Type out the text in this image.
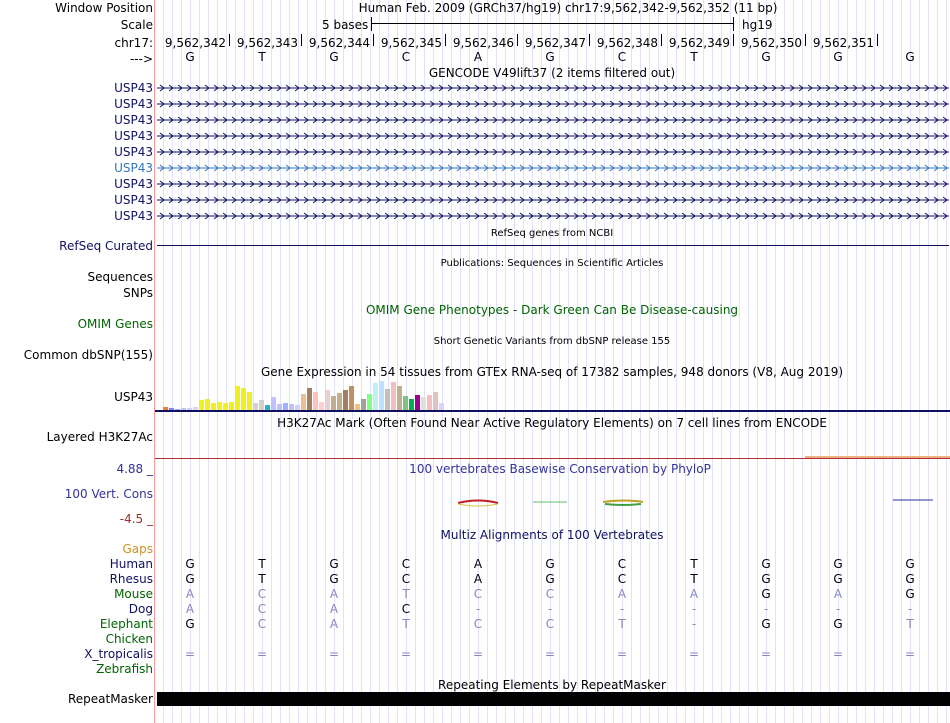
Window Position
Scale
chr17:
--->
Human Feb. 2009 (GRCh37/hg19) chr17:9,562,342-9,562,352 (11 bp)
5 bases	hg19
9,562,342 9,562,343 9,562,344 9,562,345 9,562,346 9,562,347 9,562,348 9,562,349 9,562,350 9,562,351
G	T	G	C	A	G	C	T	G	G	G
GENCODE V49lift37 (2 items filtered out)
USP43
USP43
USP43
USP43
USP43
USP43
USP43
USP43
USP43
RefSeq Curated
RefSeq genes from NCBI
Sequences
SNPs
Publications: Sequences in Scientific Articles
OMIM Genes
OMIM Gene Phenotypes - Dark Green Can Be Disease-causing
Common dbSNP(155)
Short Genetic Variants from dbSNP release 155
Gene Expression in 54 tissues from GTEx RNA-seq of 17382 samples, 948 donors (V8, Aug 2019)
USP43
Layered H3K27Ac
H3K27Ac Mark (Often Found Near Active Regulatory Elements) on 7 cell lines from ENCODE
4.88 _
100 Vert. Cons
-4.5 _
100 vertebrates Basewise Conservation by PhyloP
Multiz Alignments of 100 Vertebrates
Gaps
Human	G	T	G	C	A	G	C	T	G	G	G
Rhesus	G	T	G	C	A	G	C	T	G	G	G
Mouse	A	C	A	T	C	C	A	A	G	A	G
Dog	A	C	A	C	-	-	-	-	-	-	-
Elephant	G	C	A	T	C	C	T	-	G	G	T
Chicken
X_tropicalis	=	=	=	=	=	=	=	=	=	=	=
Zebrafish
RepeatMasker
Repeating Elements by RepeatMasker
